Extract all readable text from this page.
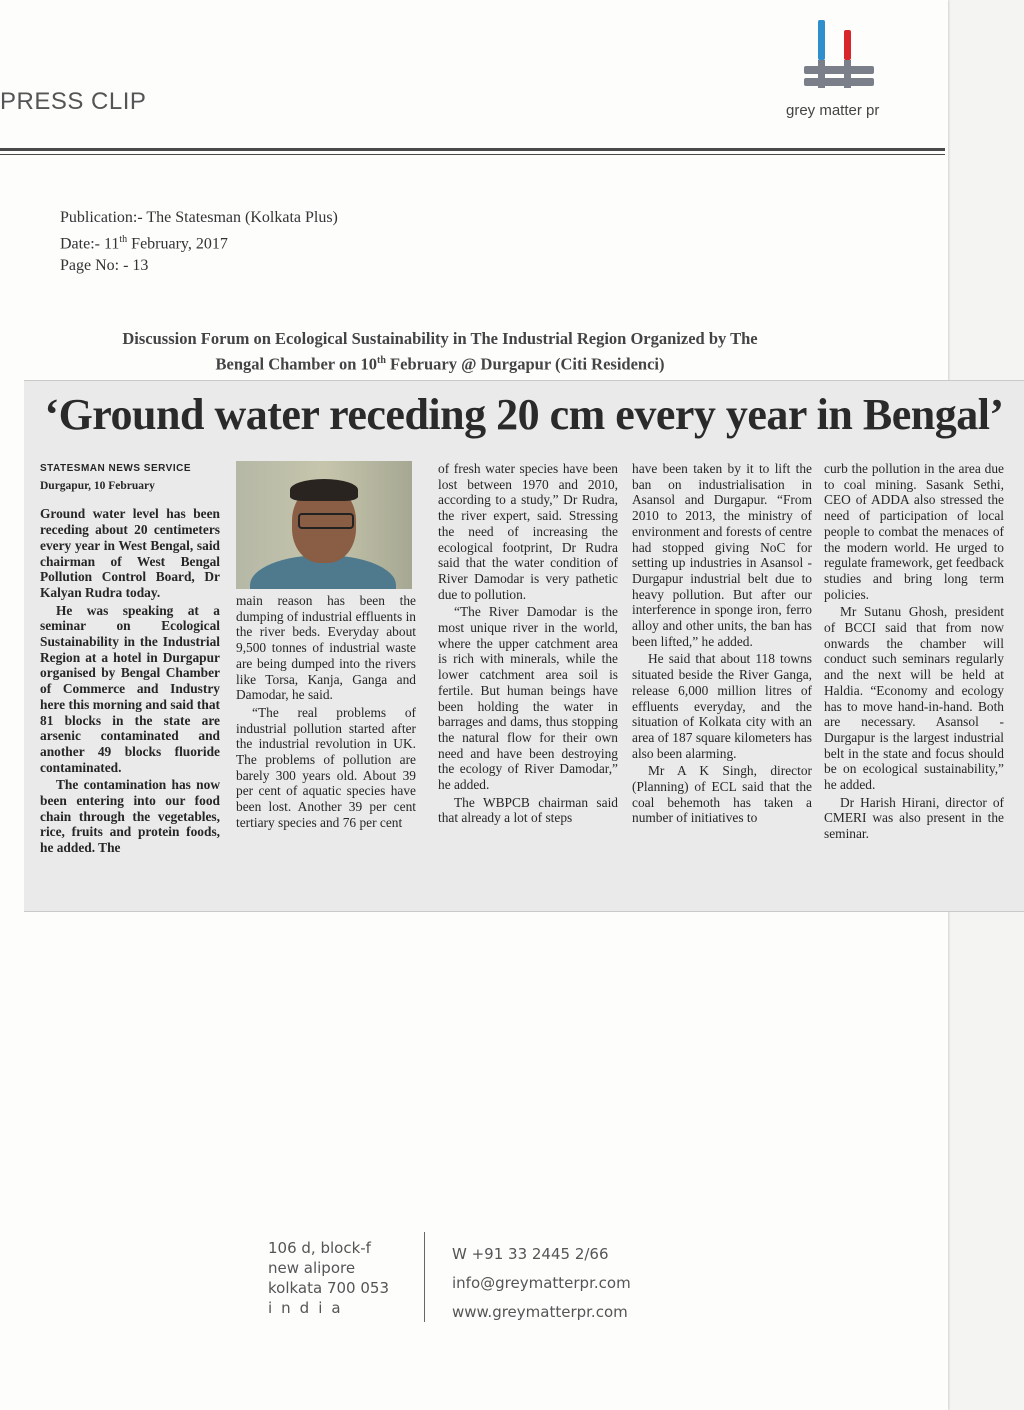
PRESS CLIP	grey matter pr
Publication:- The Statesman (Kolkata Plus)
Date:- 11th February, 2017
Page No: - 13
Discussion Forum on Ecological Sustainability in The Industrial Region Organized by The
Bengal Chamber on 10th February @ Durgapur (Citi Residenci)
106 d, block-f
new alipore
kolkata 700 053
india
W +91 33 2445 2/66
info@greymatterpr.com
www.greymatterpr.com
‘Ground water receding 20 cm every year in Bengal’

STATESMAN NEWS SERVICE

Durgapur, 10 February

Ground water level has been receding about 20 centimeters every year in West Bengal, said chairman of West Bengal Pollution Control Board, Dr Kalyan Rudra today.

He was speaking at a seminar on Ecological Sustainability in the Industrial Region at a hotel in Durgapur organised by Bengal Chamber of Commerce and Industry here this morning and said that 81 blocks in the state are arsenic contaminated and another 49 blocks fluoride contaminated.

The contamination has now been entering into our food chain through the vegetables, rice, fruits and protein foods, he added. The

main reason has been the dumping of industrial effluents in the river beds. Everyday about 9,500 tonnes of industrial waste are being dumped into the rivers like Torsa, Kanja, Ganga and Damodar, he said.

“The real problems of industrial pollution started after the industrial revolution in UK. The problems of pollution are barely 300 years old. About 39 per cent of aquatic species have been lost. Another 39 per cent tertiary species and 76 per cent

of fresh water species have been lost between 1970 and 2010, according to a study,” Dr Rudra, the river expert, said. Stressing the need of increasing the ecological footprint, Dr Rudra said that the water condition of River Damodar is very pathetic due to pollution.

“The River Damodar is the most unique river in the world, where the upper catchment area is rich with minerals, while the lower catchment area soil is fertile. But human beings have been holding the water in barrages and dams, thus stopping the natural flow for their own need and have been destroying the ecology of River Damodar,” he added.

The WBPCB chairman said that already a lot of steps

have been taken by it to lift the ban on industrialisation in Asansol and Durgapur. “From 2010 to 2013, the ministry of environment and forests of centre had stopped giving NoC for setting up industries in Asansol - Durgapur industrial belt due to heavy pollution. But after our interference in sponge iron, ferro alloy and other units, the ban has been lifted,” he added.

He said that about 118 towns situated beside the River Ganga, release 6,000 million litres of effluents everyday, and the situation of Kolkata city with an area of 187 square kilometers has also been alarming.

Mr A K Singh, director (Planning) of ECL said that the coal behemoth has taken a number of initiatives to

curb the pollution in the area due to coal mining. Sasank Sethi, CEO of ADDA also stressed the need of participation of local people to combat the menaces of the modern world. He urged to regulate framework, get feedback studies and bring long term policies.

Mr Sutanu Ghosh, president of BCCI said that from now onwards the chamber will conduct such seminars regularly and the next will be held at Haldia. “Economy and ecology has to move hand-in-hand. Both are necessary. Asansol - Durgapur is the largest industrial belt in the state and focus should be on ecological sustainability,” he added.

Dr Harish Hirani, director of CMERI was also present in the seminar.
